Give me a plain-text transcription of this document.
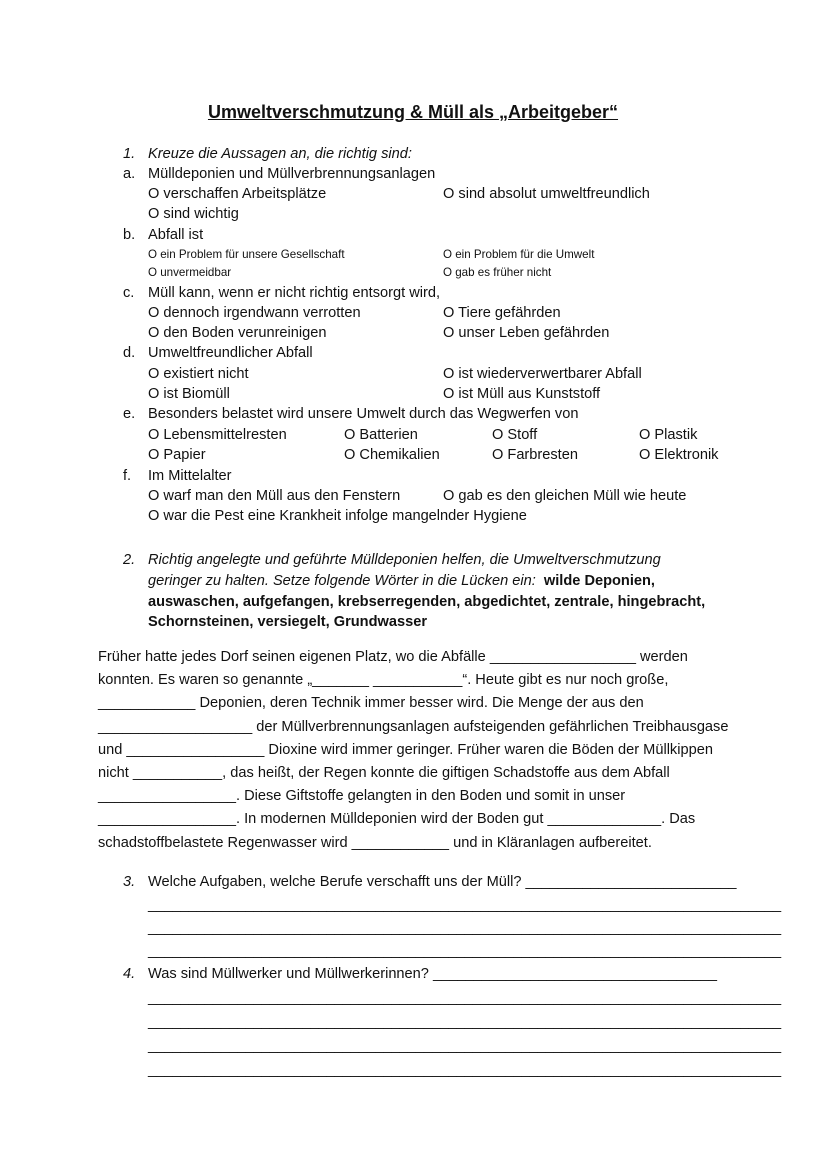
Umweltverschmutzung & Müll als „Arbeitgeber“
1. Kreuze die Aussagen an, die richtig sind:
a. Mülldeponien und Müllverbrennungsanlagen
O verschaffen Arbeitsplätze	O sind absolut umweltfreundlich
O sind wichtig
b. Abfall ist
O ein Problem für unsere Gesellschaft	O ein Problem für die Umwelt
O unvermeidbar	O gab es früher nicht
c. Müll kann, wenn er nicht richtig entsorgt wird,
O dennoch irgendwann verrotten	O Tiere gefährden
O den Boden verunreinigen	O unser Leben gefährden
d. Umweltfreundlicher Abfall
O existiert nicht	O ist wiederverwertbarer Abfall
O ist Biomüll	O ist Müll aus Kunststoff
e. Besonders belastet wird unsere Umwelt durch das Wegwerfen von
O Lebensmittelresten	O Batterien	O Stoff	O Plastik
O Papier	O Chemikalien	O Farbresten	O Elektronik
f. Im Mittelalter
O warf man den Müll aus den Fenstern	O gab es den gleichen Müll wie heute
O war die Pest eine Krankheit infolge mangelnder Hygiene
2. Richtig angelegte und geführte Mülldeponien helfen, die Umweltverschmutzung
geringer zu halten. Setze folgende Wörter in die Lücken ein: wilde Deponien,
auswaschen, aufgefangen, krebserregenden, abgedichtet, zentrale, hingebracht,
Schornsteinen, versiegelt, Grundwasser
Früher hatte jedes Dorf seinen eigenen Platz, wo die Abfälle __________________ werden
konnten. Es waren so genannte „_______ ___________“. Heute gibt es nur noch große,
____________ Deponien, deren Technik immer besser wird. Die Menge der aus den
___________________ der Müllverbrennungsanlagen aufsteigenden gefährlichen Treibhausgase
und _________________ Dioxine wird immer geringer. Früher waren die Böden der Müllkippen
nicht ___________, das heißt, der Regen konnte die giftigen Schadstoffe aus dem Abfall
_________________. Diese Giftstoffe gelangten in den Boden und somit in unser
_________________. In modernen Mülldeponien wird der Boden gut ______________. Das
schadstoffbelastete Regenwasser wird ____________ und in Kläranlagen aufbereitet.
3. Welche Aufgaben, welche Berufe verschafft uns der Müll? __________________________
______________________________________________________________________________
______________________________________________________________________________
______________________________________________________________________________
4. Was sind Müllwerker und Müllwerkerinnen? ___________________________________
______________________________________________________________________________
______________________________________________________________________________
______________________________________________________________________________
______________________________________________________________________________
